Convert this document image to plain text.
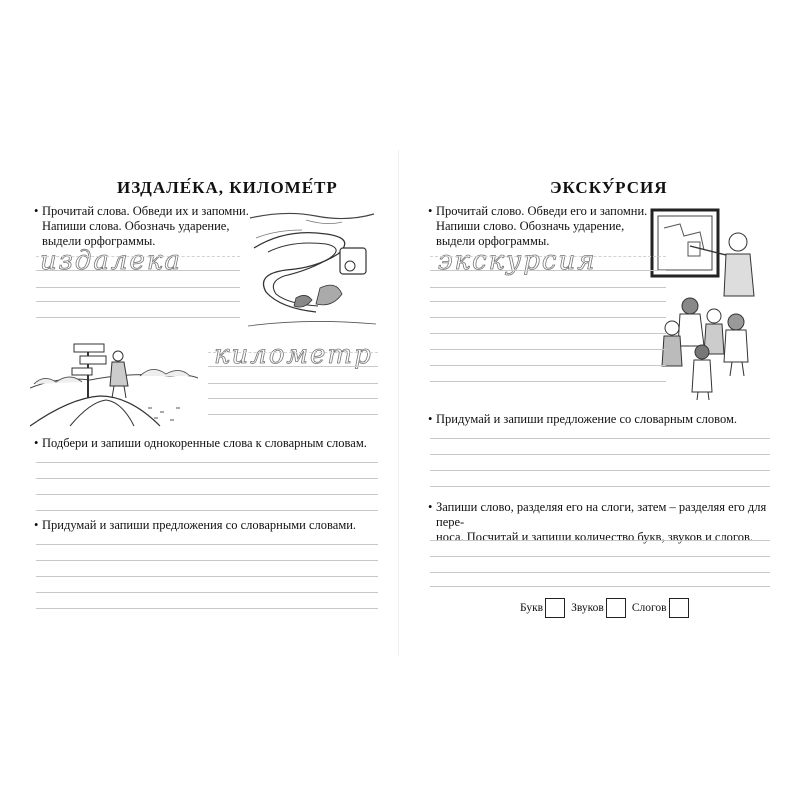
ИЗДАЛЕ́КА, КИЛОМЕ́ТР
• Прочитай слова. Обведи их и запомни.
Напиши слова. Обозначь ударение,
выдели орфограммы.
издалека
километр
• Подбери и запиши однокоренные слова к словарным словам.
• Придумай и запиши предложения со словарными словами.
ЭКСКУ́РСИЯ
• Прочитай слово. Обведи его и запомни.
Напиши слово. Обозначь ударение,
выдели орфограммы.
экскурсия
• Придумай и запиши предложение со словарным словом.
• Запиши слово, разделяя его на слоги, затем – разделяя его для пере-
носа. Посчитай и запиши количество букв, звуков и слогов.
Букв Звуков Слогов
